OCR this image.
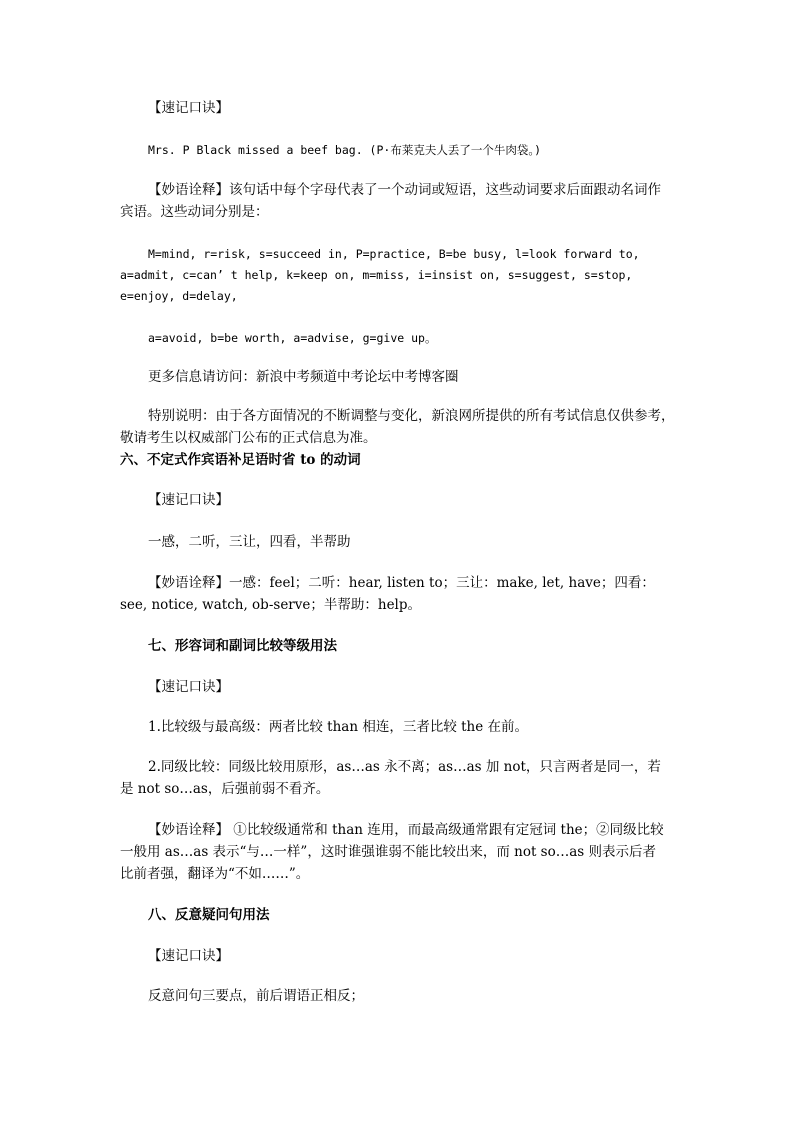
【速记口诀】
Mrs. P Black missed a beef bag. (P·布莱克夫人丢了一个牛肉袋。)
【妙语诠释】该句话中每个字母代表了一个动词或短语，这些动词要求后面跟动名词作
宾语。这些动词分别是：
M=mind, r=risk, s=succeed in, P=practice, B=be busy, l=look forward to,
a=admit, c=can’ t help, k=keep on, m=miss, i=insist on, s=suggest, s=stop,
e=enjoy, d=delay,
a=avoid, b=be worth, a=advise, g=give up。
更多信息请访问：新浪中考频道中考论坛中考博客圈
特别说明：由于各方面情况的不断调整与变化，新浪网所提供的所有考试信息仅供参考，
敬请考生以权威部门公布的正式信息为准。
六、不定式作宾语补足语时省 to 的动词
【速记口诀】
一感，二听，三让，四看，半帮助
【妙语诠释】一感：feel；二听：hear, listen to；三让：make, let, have；四看：
see, notice, watch, ob-serve；半帮助：help。
七、形容词和副词比较等级用法
【速记口诀】
1.比较级与最高级：两者比较 than 相连，三者比较 the 在前。
2.同级比较：同级比较用原形，as…as 永不离；as…as 加 not，只言两者是同一，若
是 not so…as，后强前弱不看齐。
【妙语诠释】 ①比较级通常和 than 连用，而最高级通常跟有定冠词 the；②同级比较
一般用 as…as 表示“与…一样”，这时谁强谁弱不能比较出来，而 not so…as 则表示后者
比前者强，翻译为“不如……”。
八、反意疑问句用法
【速记口诀】
反意问句三要点，前后谓语正相反；
